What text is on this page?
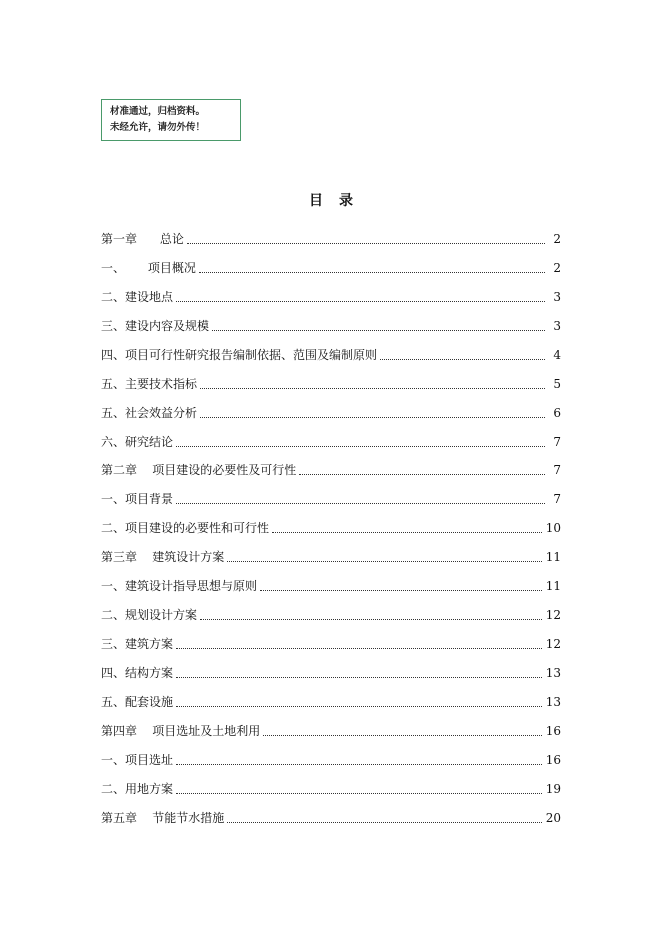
材准通过，归档资料。
未经允许，请勿外传！
目录
第一章      总论	2
一、      项目概况	2
二、建设地点	3
三、建设内容及规模	3
四、项目可行性研究报告编制依据、范围及编制原则	4
五、主要技术指标	5
五、社会效益分析	6
六、研究结论	7
第二章    项目建设的必要性及可行性	7
一、项目背景	7
二、项目建设的必要性和可行性	10
第三章    建筑设计方案	11
一、建筑设计指导思想与原则	11
二、规划设计方案	12
三、建筑方案	12
四、结构方案	13
五、配套设施	13
第四章    项目选址及土地利用	16
一、项目选址	16
二、用地方案	19
第五章    节能节水措施	20
